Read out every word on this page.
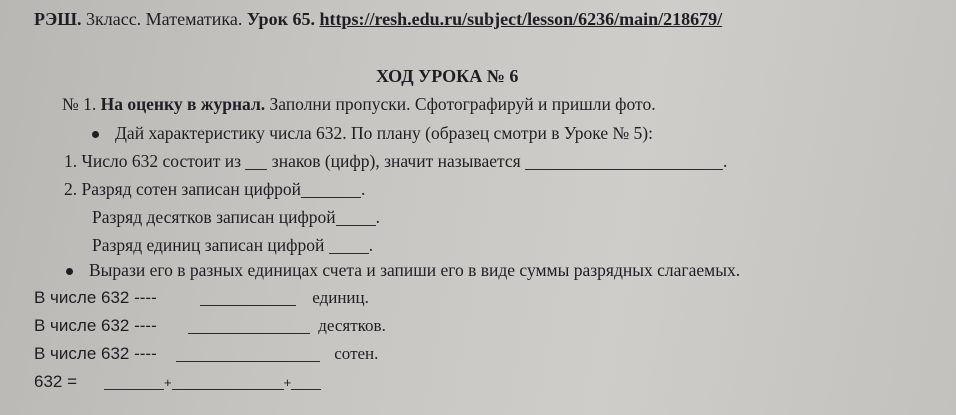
РЭШ. 3класс. Математика. Урок 65. https://resh.edu.ru/subject/lesson/6236/main/218679/
ХОД УРОКА № 6
№ 1. На оценку в журнал. Заполни пропуски. Сфотографируй и пришли фото.
Дай характеристику числа 632. По плану (образец смотри в Уроке № 5):
1. Число 632 состоит из  знаков (цифр), значит называется	.
2. Разряд сотен записан цифрой	.
Разряд десятков записан цифрой .
Разряд единиц записан цифрой .
Вырази его в разных единицах счета и запиши его в виде суммы разрядных слагаемых.
В числе 632 ----	единиц.
В числе 632 ----	десятков.
В числе 632 ----	сотен.
632 =	+	+
